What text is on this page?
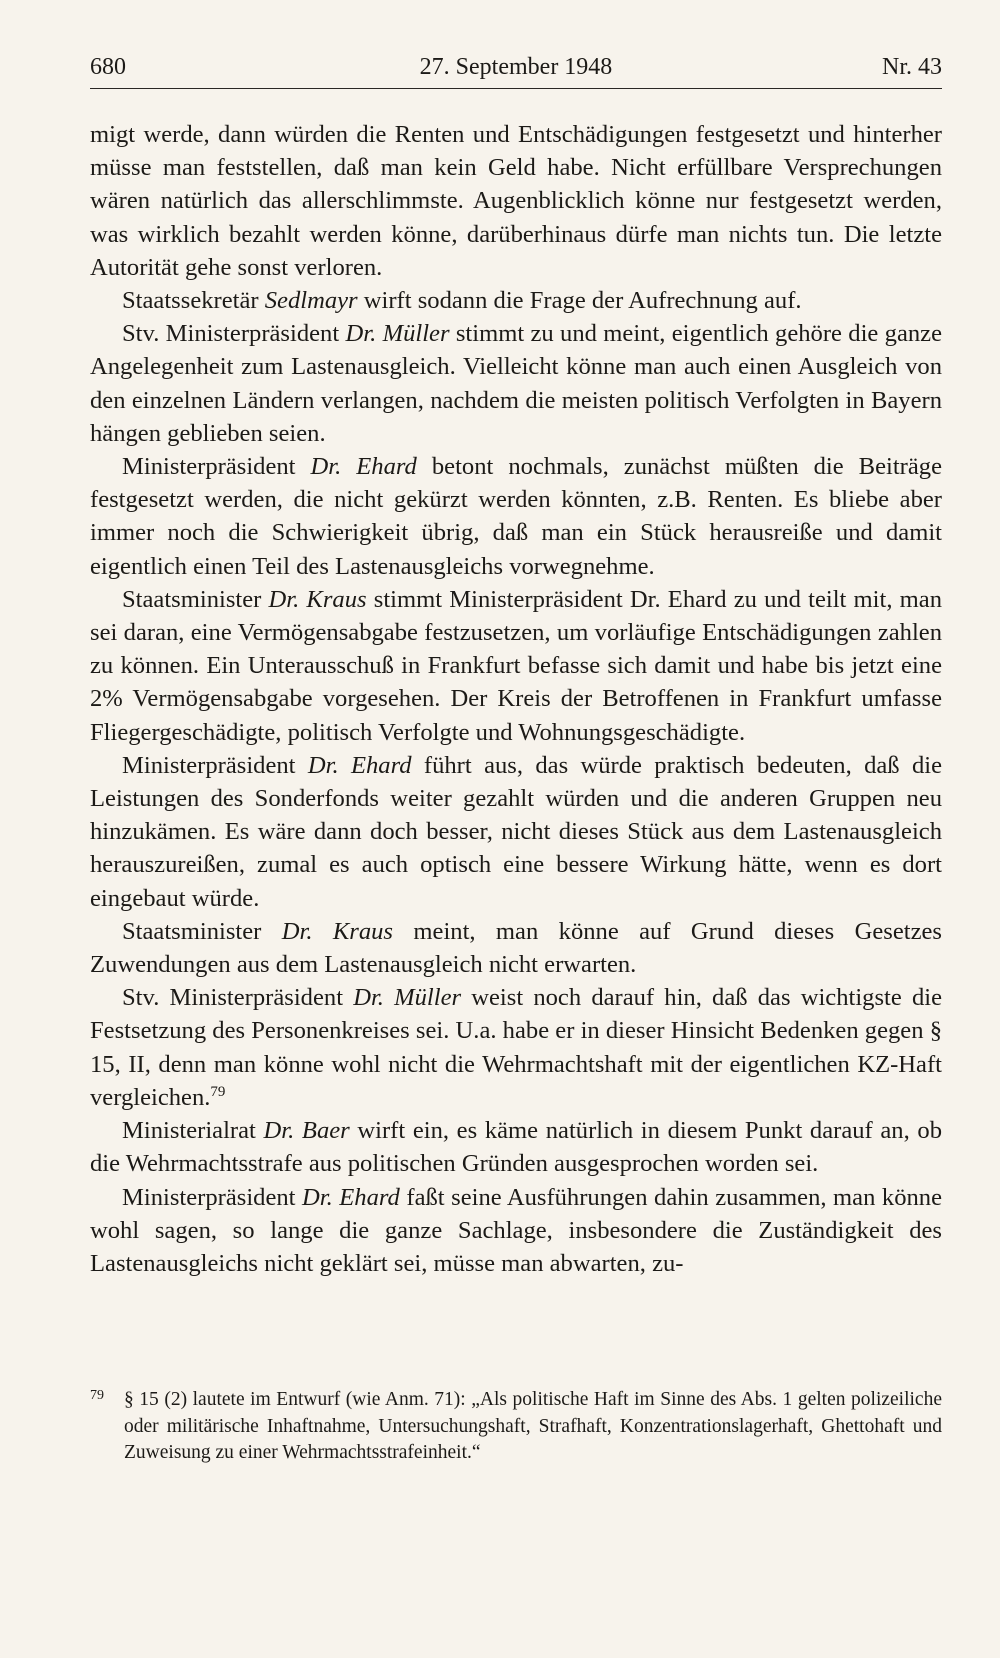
680	27. September 1948	Nr. 43

migt werde, dann würden die Renten und Entschädigungen festgesetzt und hinterher müsse man feststellen, daß man kein Geld habe. Nicht erfüllbare Versprechungen wären natürlich das allerschlimmste. Augenblicklich könne nur festgesetzt werden, was wirklich bezahlt werden könne, darüberhinaus dürfe man nichts tun. Die letzte Autorität gehe sonst verloren.

Staatssekretär Sedlmayr wirft sodann die Frage der Aufrechnung auf.

Stv. Ministerpräsident Dr. Müller stimmt zu und meint, eigentlich gehöre die ganze Angelegenheit zum Lastenausgleich. Vielleicht könne man auch einen Ausgleich von den einzelnen Ländern verlangen, nachdem die meisten politisch Verfolgten in Bayern hängen geblieben seien.

Ministerpräsident Dr. Ehard betont nochmals, zunächst müßten die Beiträge festgesetzt werden, die nicht gekürzt werden könnten, z.B. Renten. Es bliebe aber immer noch die Schwierigkeit übrig, daß man ein Stück herausreiße und damit eigentlich einen Teil des Lastenausgleichs vorwegnehme.

Staatsminister Dr. Kraus stimmt Ministerpräsident Dr. Ehard zu und teilt mit, man sei daran, eine Vermögensabgabe festzusetzen, um vorläufige Entschädigungen zahlen zu können. Ein Unterausschuß in Frankfurt befasse sich damit und habe bis jetzt eine 2% Vermögensabgabe vorgesehen. Der Kreis der Betroffenen in Frankfurt umfasse Fliegergeschädigte, politisch Verfolgte und Wohnungsgeschädigte.

Ministerpräsident Dr. Ehard führt aus, das würde praktisch bedeuten, daß die Leistungen des Sonderfonds weiter gezahlt würden und die anderen Gruppen neu hinzukämen. Es wäre dann doch besser, nicht dieses Stück aus dem Lastenausgleich herauszureißen, zumal es auch optisch eine bessere Wirkung hätte, wenn es dort eingebaut würde.

Staatsminister Dr. Kraus meint, man könne auf Grund dieses Gesetzes Zuwendungen aus dem Lastenausgleich nicht erwarten.

Stv. Ministerpräsident Dr. Müller weist noch darauf hin, daß das wichtigste die Festsetzung des Personenkreises sei. U.a. habe er in dieser Hinsicht Bedenken gegen § 15, II, denn man könne wohl nicht die Wehrmachtshaft mit der eigentlichen KZ-Haft vergleichen.$^{79}$

Ministerialrat Dr. Baer wirft ein, es käme natürlich in diesem Punkt darauf an, ob die Wehrmachtsstrafe aus politischen Gründen ausgesprochen worden sei.

Ministerpräsident Dr. Ehard faßt seine Ausführungen dahin zusammen, man könne wohl sagen, so lange die ganze Sachlage, insbesondere die Zuständigkeit des Lastenausgleichs nicht geklärt sei, müsse man abwarten, zu-

79 § 15 (2) lautete im Entwurf (wie Anm. 71): „Als politische Haft im Sinne des Abs. 1 gelten polizeiliche oder militärische Inhaftnahme, Untersuchungshaft, Strafhaft, Konzentrationslagerhaft, Ghettohaft und Zuweisung zu einer Wehrmachtsstrafeinheit.“
